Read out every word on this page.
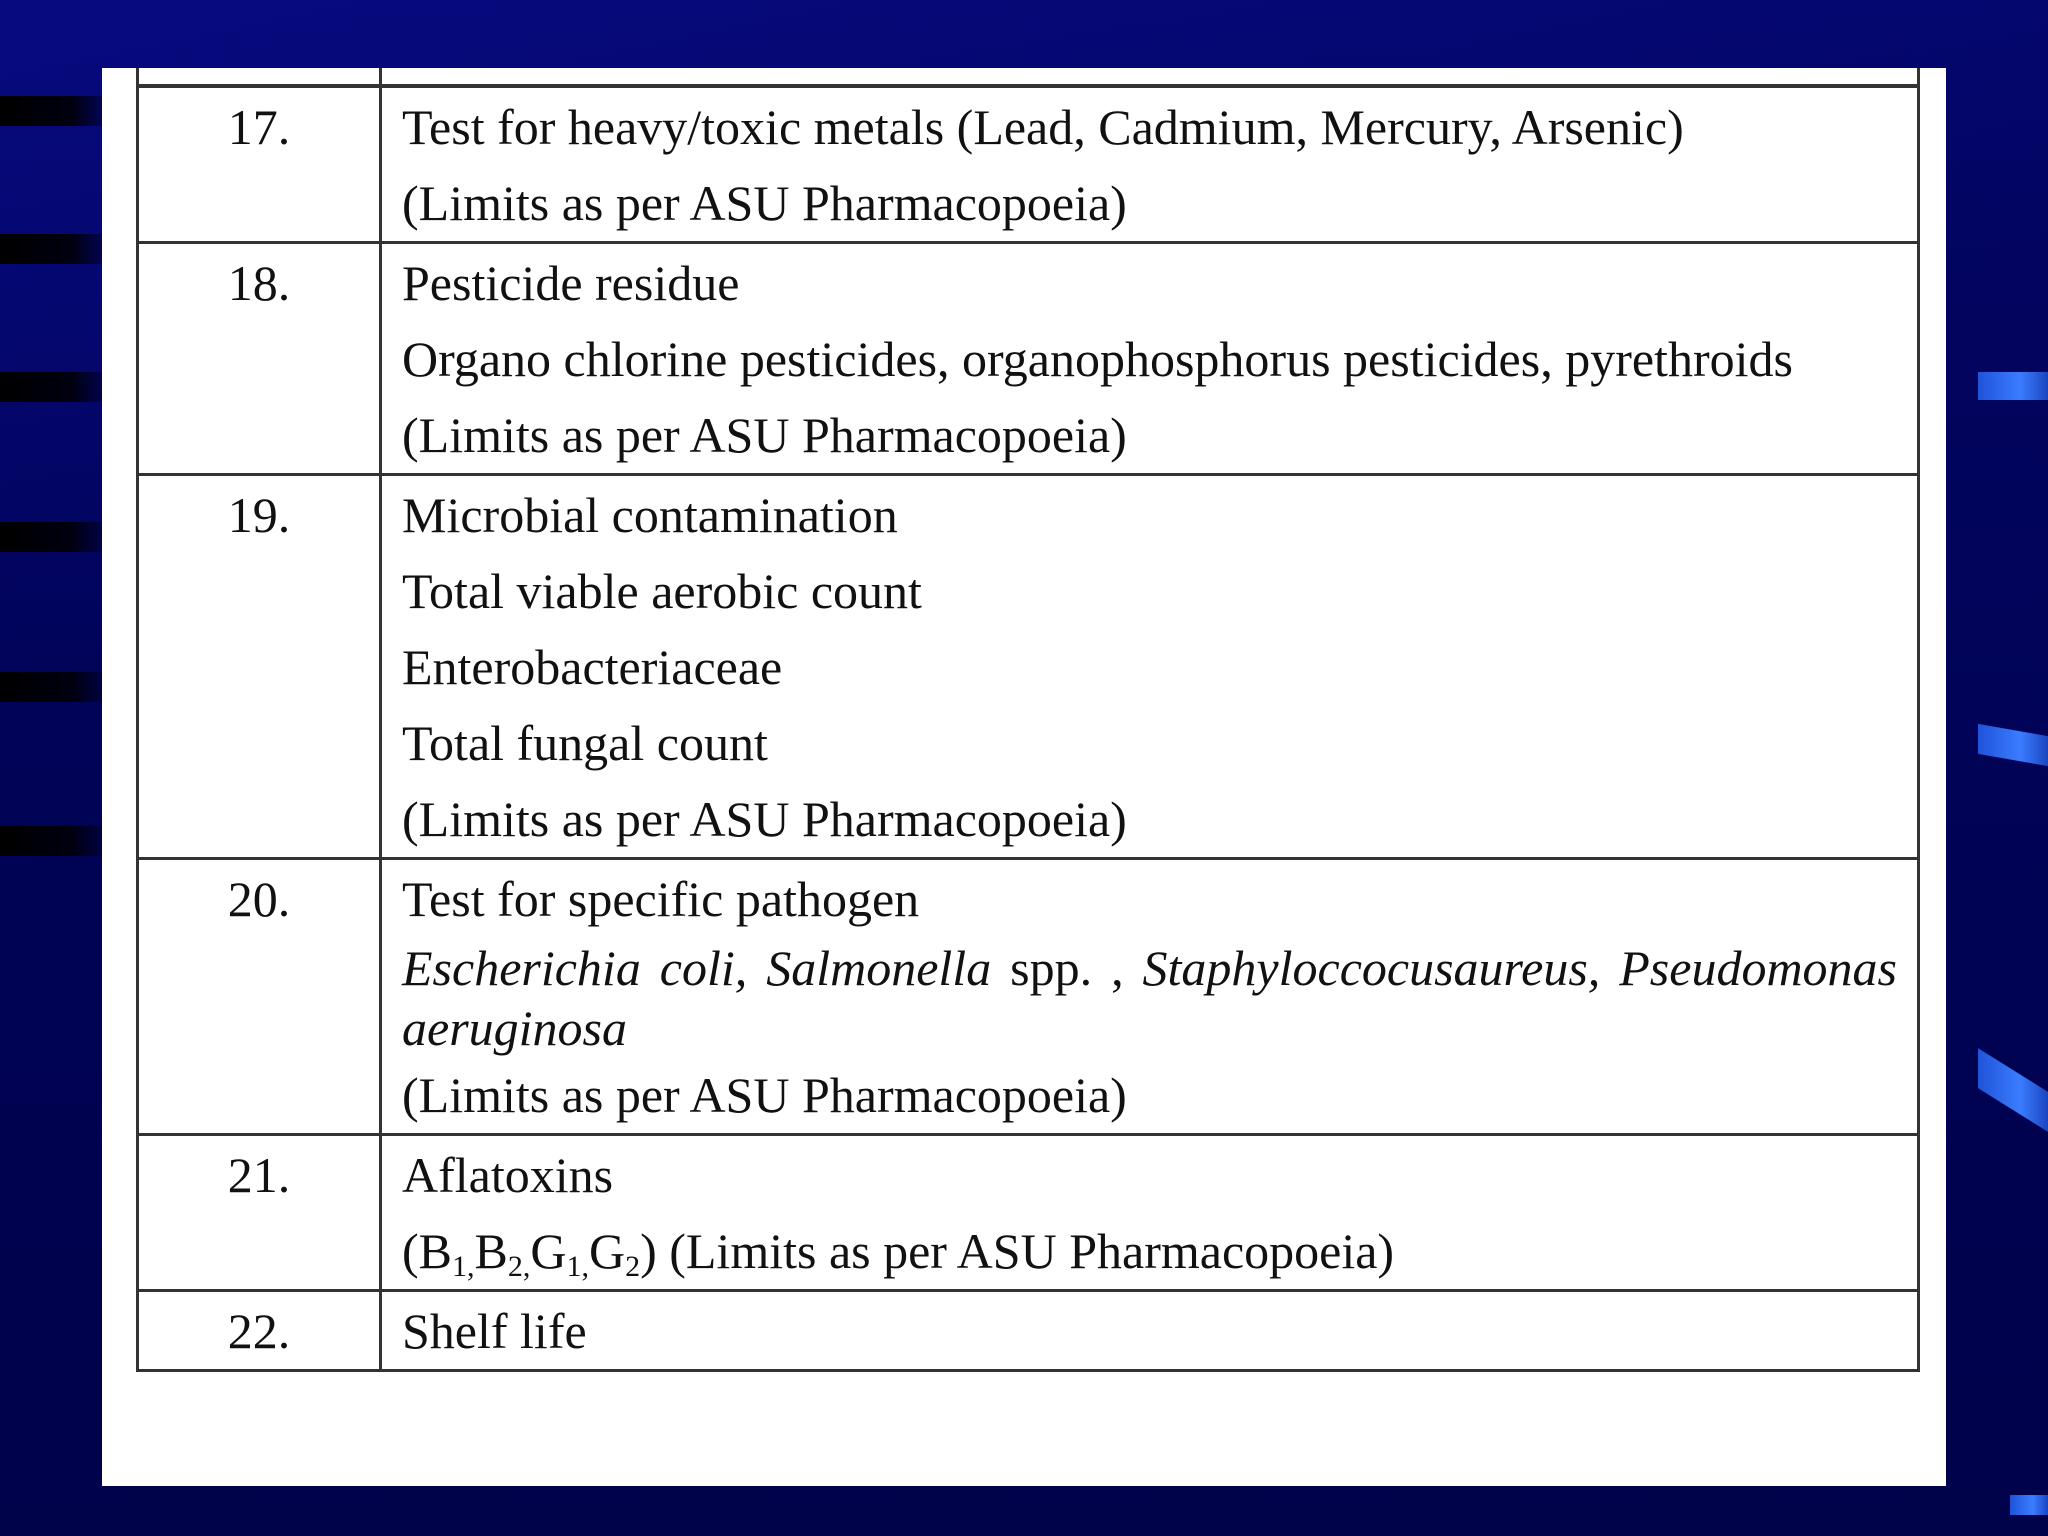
17.	Test for heavy/toxic metals (Lead, Cadmium, Mercury, Arsenic)
(Limits as per ASU Pharmacopoeia)

18.	Pesticide residue
Organo chlorine pesticides, organophosphorus pesticides, pyrethroids
(Limits as per ASU Pharmacopoeia)

19.	Microbial contamination
Total viable aerobic count
Enterobacteriaceae
Total fungal count
(Limits as per ASU Pharmacopoeia)

20.	Test for specific pathogen
Escherichia coli, Salmonella spp. , Staphyloccocusaureus, Pseudomonas
aeruginosa
(Limits as per ASU Pharmacopoeia)

21.	Aflatoxins
$(B_{1,}B_{2,}G_{1,}G_2)$ (Limits as per ASU Pharmacopoeia)

22.	Shelf life
